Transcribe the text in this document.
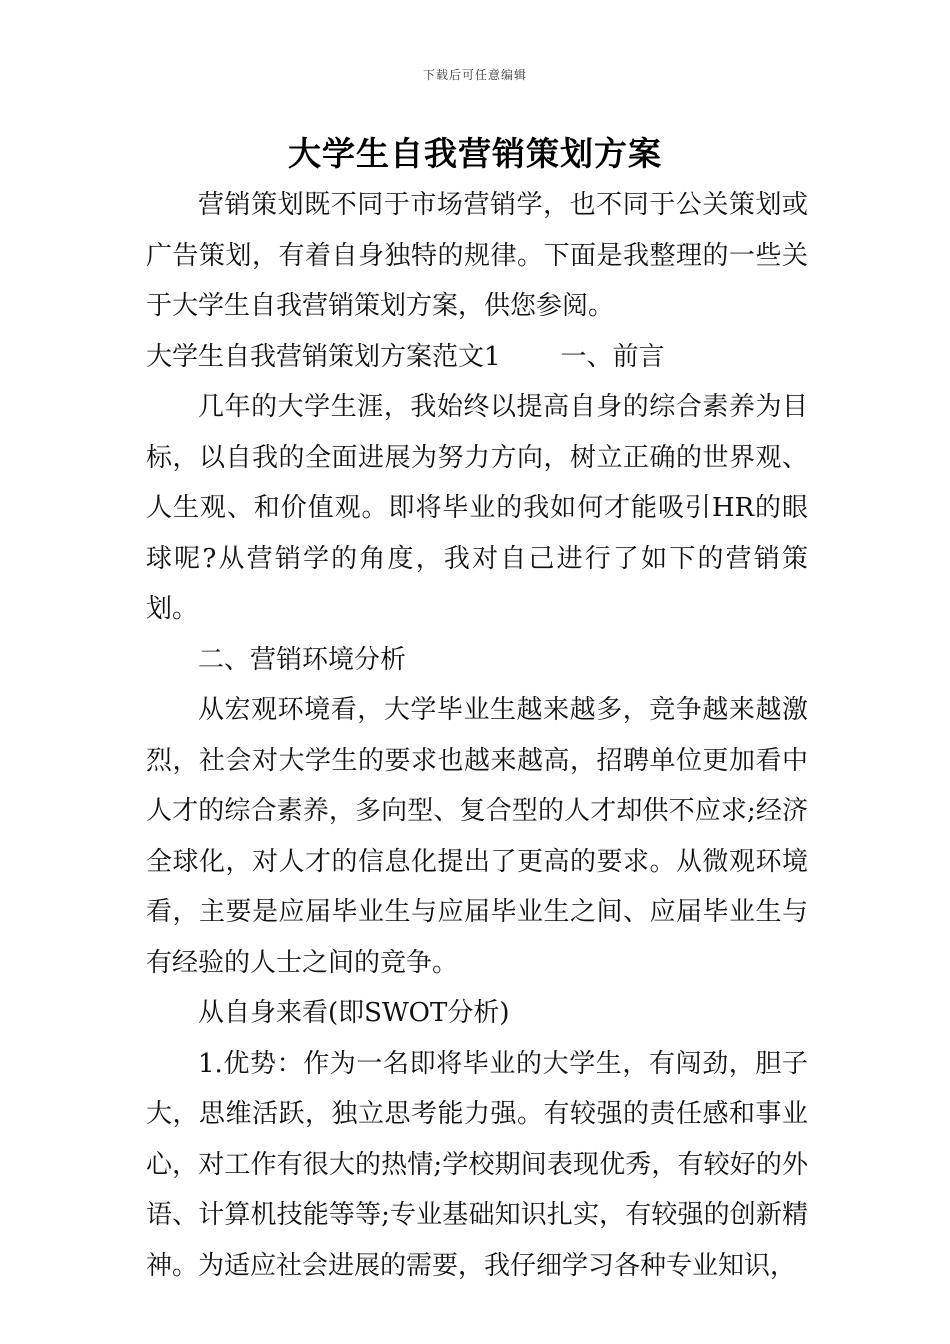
下载后可任意编辑
大学生自我营销策划方案

营销策划既不同于市场营销学，也不同于公关策划或广告策划，有着自身独特的规律。下面是我整理的一些关于大学生自我营销策划方案，供您参阅。

大学生自我营销策划方案范文1 一、前言

几年的大学生涯，我始终以提高自身的综合素养为目标，以自我的全面进展为努力方向，树立正确的世界观、人生观、和价值观。即将毕业的我如何才能吸引HR的眼球呢?从营销学的角度，我对自己进行了如下的营销策划。

二、营销环境分析

从宏观环境看，大学毕业生越来越多，竞争越来越激烈，社会对大学生的要求也越来越高，招聘单位更加看中人才的综合素养，多向型、复合型的人才却供不应求;经济全球化，对人才的信息化提出了更高的要求。从微观环境看，主要是应届毕业生与应届毕业生之间、应届毕业生与有经验的人士之间的竞争。

从自身来看(即SWOT分析)

1.优势：作为一名即将毕业的大学生，有闯劲，胆子大，思维活跃，独立思考能力强。有较强的责任感和事业心，对工作有很大的热情;学校期间表现优秀，有较好的外语、计算机技能等等;专业基础知识扎实，有较强的创新精神。为适应社会进展的需要，我仔细学习各种专业知识，
